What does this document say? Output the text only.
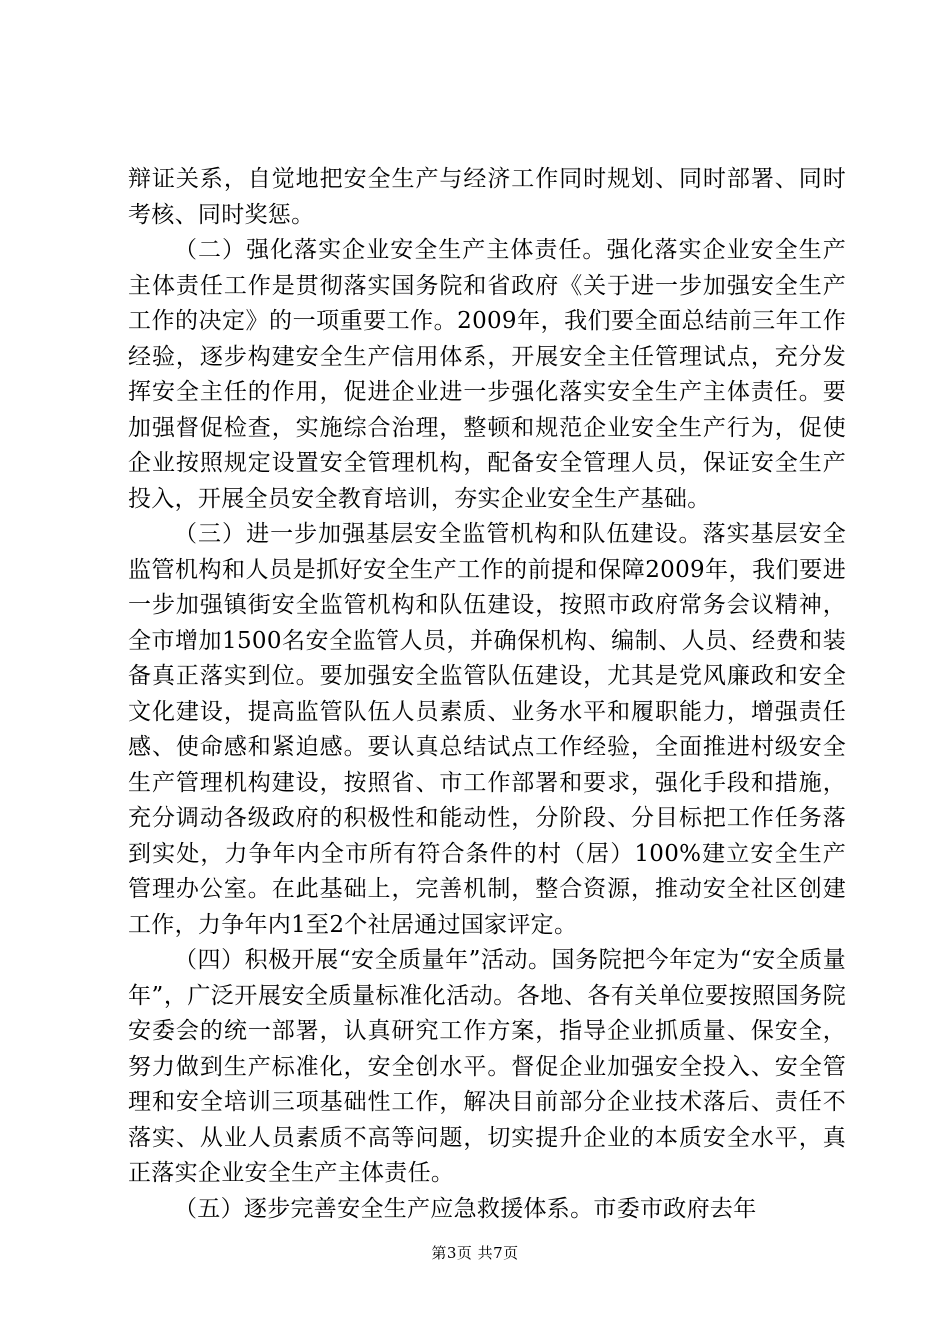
辩证关系，自觉地把安全生产与经济工作同时规划、同时部署、同时考核、同时奖惩。

（二）强化落实企业安全生产主体责任。强化落实企业安全生产主体责任工作是贯彻落实国务院和省政府《关于进一步加强安全生产工作的决定》的一项重要工作。2009年，我们要全面总结前三年工作经验，逐步构建安全生产信用体系，开展安全主任管理试点，充分发挥安全主任的作用，促进企业进一步强化落实安全生产主体责任。要加强督促检查，实施综合治理，整顿和规范企业安全生产行为，促使企业按照规定设置安全管理机构，配备安全管理人员，保证安全生产投入，开展全员安全教育培训，夯实企业安全生产基础。

（三）进一步加强基层安全监管机构和队伍建设。落实基层安全监管机构和人员是抓好安全生产工作的前提和保障2009年，我们要进一步加强镇街安全监管机构和队伍建设，按照市政府常务会议精神，全市增加1500名安全监管人员，并确保机构、编制、人员、经费和装备真正落实到位。要加强安全监管队伍建设，尤其是党风廉政和安全文化建设，提高监管队伍人员素质、业务水平和履职能力，增强责任感、使命感和紧迫感。要认真总结试点工作经验，全面推进村级安全生产管理机构建设，按照省、市工作部署和要求，强化手段和措施，充分调动各级政府的积极性和能动性，分阶段、分目标把工作任务落到实处，力争年内全市所有符合条件的村（居）100%建立安全生产管理办公室。在此基础上，完善机制，整合资源，推动安全社区创建工作，力争年内1至2个社居通过国家评定。

（四）积极开展“安全质量年”活动。国务院把今年定为“安全质量年”，广泛开展安全质量标准化活动。各地、各有关单位要按照国务院安委会的统一部署，认真研究工作方案，指导企业抓质量、保安全，努力做到生产标准化，安全创水平。督促企业加强安全投入、安全管理和安全培训三项基础性工作，解决目前部分企业技术落后、责任不落实、从业人员素质不高等问题，切实提升企业的本质安全水平，真正落实企业安全生产主体责任。

（五）逐步完善安全生产应急救援体系。市委市政府去年

第3页 共7页
